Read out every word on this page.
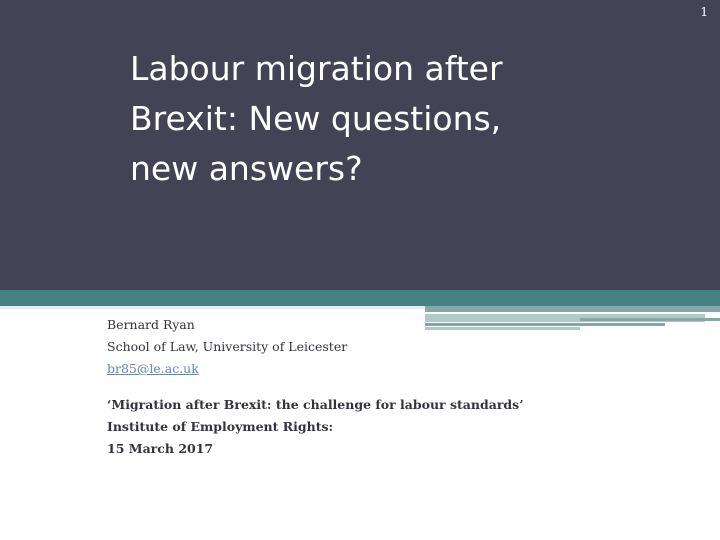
1
Labour migration after
Brexit: New questions,
new answers?
Bernard Ryan
School of Law, University of Leicester
br85@le.ac.uk
‘Migration after Brexit: the challenge for labour standards’
Institute of Employment Rights:
15 March 2017
